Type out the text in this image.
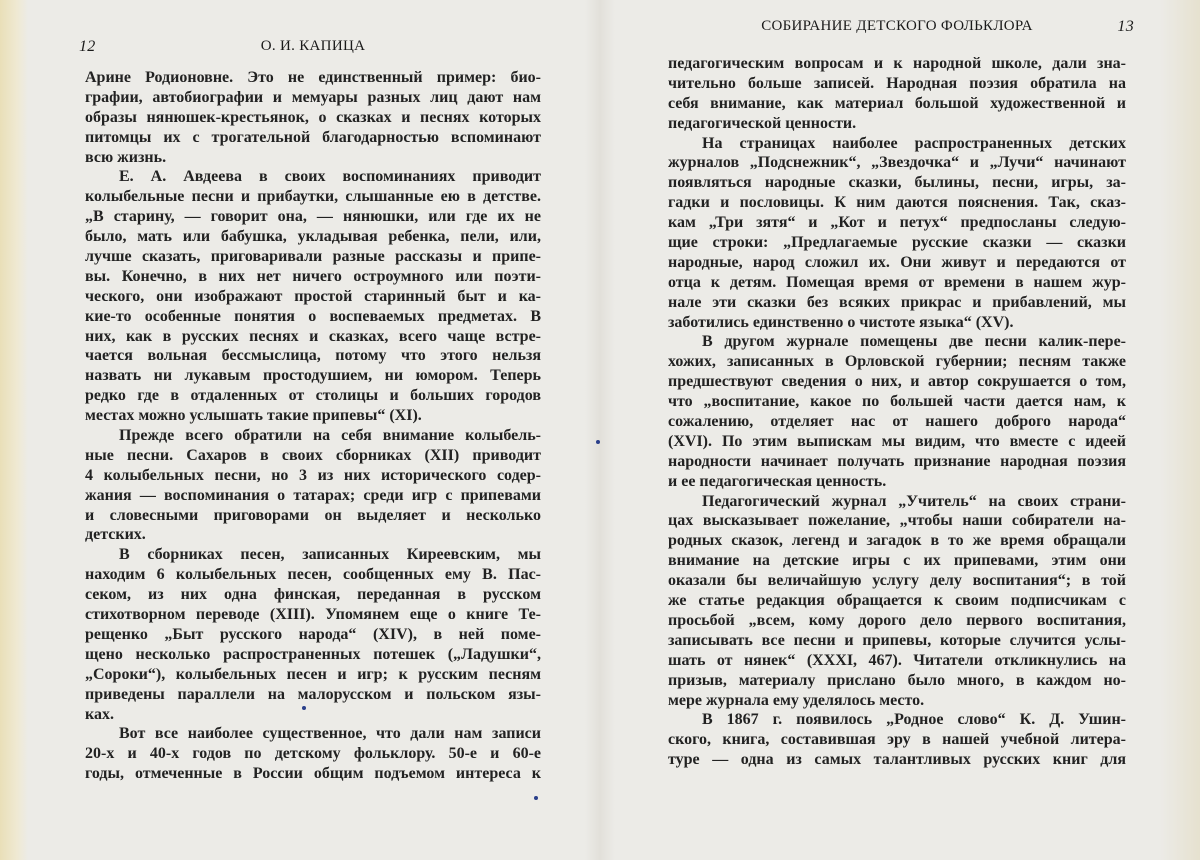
12	О. И. КАПИЦА
Арине Родионовне. Это не единственный пример: био-
графии, автобиографии и мемуары разных лиц дают нам
образы нянюшек-крестьянок, о сказках и песнях которых
питомцы их с трогательной благодарностью вспоминают
всю жизнь.
Е. А. Авдеева в своих воспоминаниях приводит
колыбельные песни и прибаутки, слышанные ею в детстве.
„В старину, — говорит она, — нянюшки, или где их не
было, мать или бабушка, укладывая ребенка, пели, или,
лучше сказать, приговаривали разные рассказы и припе-
вы. Конечно, в них нет ничего остроумного или поэти-
ческого, они изображают простой старинный быт и ка-
кие-то особенные понятия о воспеваемых предметах. В
них, как в русских песнях и сказках, всего чаще встре-
чается вольная бессмыслица, потому что этого нельзя
назвать ни лукавым простодушием, ни юмором. Теперь
редко где в отдаленных от столицы и больших городов
местах можно услышать такие припевы“ (XI).
Прежде всего обратили на себя внимание колыбель-
ные песни. Сахаров в своих сборниках (XII) приводит
4 колыбельных песни, но 3 из них исторического содер-
жания — воспоминания о татарах; среди игр с припевами
и словесными приговорами он выделяет и несколько
детских.
В сборниках песен, записанных Киреевским, мы
находим 6 колыбельных песен, сообщенных ему В. Пас-
секом, из них одна финская, переданная в русском
стихотворном переводе (XIII). Упомянем еще о книге Те-
рещенко „Быт русского народа“ (XIV), в ней поме-
щено несколько распространенных потешек („Ладушки“,
„Сороки“), колыбельных песен и игр; к русским песням
приведены параллели на малорусском и польском язы-
ках.
Вот все наиболее существенное, что дали нам записи
20-х и 40-х годов по детскому фольклору. 50-е и 60-е
годы, отмеченные в России общим подъемом интереса к
СОБИРАНИЕ ДЕТСКОГО ФОЛЬКЛОРА	13
педагогическим вопросам и к народной школе, дали зна-
чительно больше записей. Народная поэзия обратила на
себя внимание, как материал большой художественной и
педагогической ценности.
На страницах наиболее распространенных детских
журналов „Подснежник“, „Звездочка“ и „Лучи“ начинают
появляться народные сказки, былины, песни, игры, за-
гадки и пословицы. К ним даются пояснения. Так, сказ-
кам „Три зятя“ и „Кот и петух“ предпосланы следую-
щие строки: „Предлагаемые русские сказки — сказки
народные, народ сложил их. Они живут и передаются от
отца к детям. Помещая время от времени в нашем жур-
нале эти сказки без всяких прикрас и прибавлений, мы
заботились единственно о чистоте языка“ (XV).
В другом журнале помещены две песни калик-пере-
хожих, записанных в Орловской губернии; песням также
предшествуют сведения о них, и автор сокрушается о том,
что „воспитание, какое по большей части дается нам, к
сожалению, отделяет нас от нашего доброго народа“
(XVI). По этим выпискам мы видим, что вместе с идеей
народности начинает получать признание народная поэзия
и ее педагогическая ценность.
Педагогический журнал „Учитель“ на своих страни-
цах высказывает пожелание, „чтобы наши собиратели на-
родных сказок, легенд и загадок в то же время обращали
внимание на детские игры с их припевами, этим они
оказали бы величайшую услугу делу воспитания“; в той
же статье редакция обращается к своим подписчикам с
просьбой „всем, кому дорого дело первого воспитания,
записывать все песни и припевы, которые случится услы-
шать от нянек“ (XXXI, 467). Читатели откликнулись на
призыв, материалу прислано было много, в каждом но-
мере журнала ему уделялось место.
В 1867 г. появилось „Родное слово“ К. Д. Ушин-
ского, книга, составившая эру в нашей учебной литера-
туре — одна из самых талантливых русских книг для
